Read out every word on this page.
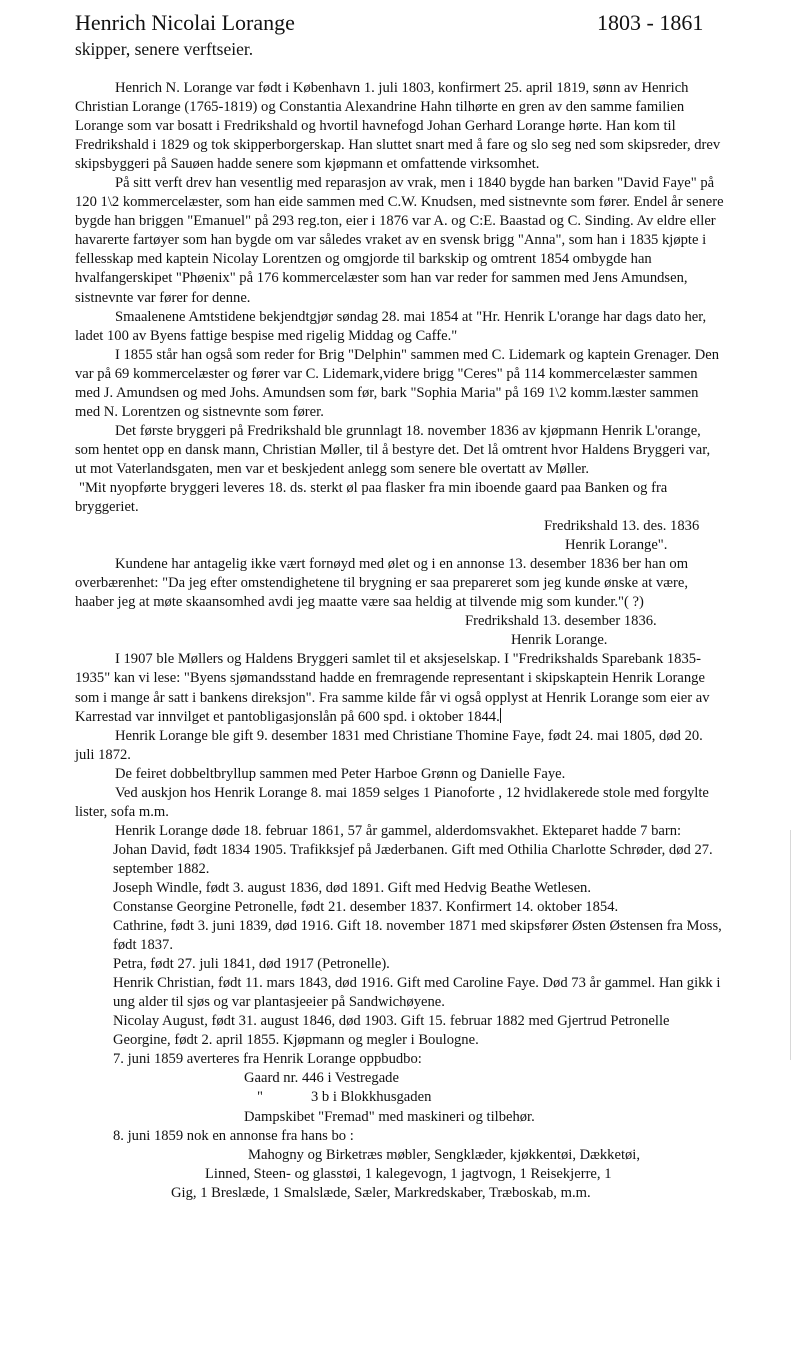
Henrich Nicolai Lorange	1803 - 1861
skipper, senere verftseier.

Henrich N. Lorange var født i København 1. juli 1803, konfirmert 25. april 1819, sønn av Henrich Christian Lorange (1765-1819) og Constantia Alexandrine Hahn tilhørte en gren av den samme familien Lorange som var bosatt i Fredrikshald og hvortil havnefogd Johan Gerhard Lorange hørte. Han kom til Fredrikshald i 1829 og tok skipperborgerskap. Han sluttet snart med å fare og slo seg ned som skipsreder, drev skipsbyggeri på Sauøen hadde senere som kjøpmann et omfattende virksomhet.

På sitt verft drev han vesentlig med reparasjon av vrak, men i 1840 bygde han barken "David Faye" på 120 1\2 kommercelæster, som han eide sammen med C.W. Knudsen, med sistnevnte som fører. Endel år senere bygde han briggen "Emanuel" på 293 reg.ton, eier i 1876 var A. og C:E. Baastad og C. Sinding. Av eldre eller havarerte fartøyer som han bygde om var således vraket av en svensk brigg "Anna", som han i 1835 kjøpte i fellesskap med kaptein Nicolay Lorentzen og omgjorde til barkskip og omtrent 1854 ombygde han hvalfangerskipet "Phøenix" på 176 kommercelæster som han var reder for sammen med Jens Amundsen, sistnevnte var fører for denne.

Smaalenene Amtstidene bekjendtgjør søndag 28. mai 1854 at "Hr. Henrik L'orange har dags dato her, ladet 100 av Byens fattige bespise med rigelig Middag og Caffe."

I 1855 står han også som reder for Brig "Delphin" sammen med C. Lidemark og kaptein Grenager. Den var på 69 kommercelæster og fører var C. Lidemark,videre brigg "Ceres" på 114 kommercelæster sammen med J. Amundsen og med Johs. Amundsen som før, bark "Sophia Maria" på 169 1\2 komm.læster sammen med N. Lorentzen og sistnevnte som fører.

Det første bryggeri på Fredrikshald ble grunnlagt 18. november 1836 av kjøpmann Henrik L'orange, som hentet opp en dansk mann, Christian Møller, til å bestyre det. Det lå omtrent hvor Haldens Bryggeri var, ut mot Vaterlandsgaten, men var et beskjedent anlegg som senere ble overtatt av Møller.

"Mit nyopførte bryggeri leveres 18. ds. sterkt øl paa flasker fra min iboende gaard paa Banken og fra bryggeriet.

Fredrikshald 13. des. 1836

Henrik Lorange".

Kundene har antagelig ikke vært fornøyd med ølet og i en annonse 13. desember 1836 ber han om overbærenhet: "Da jeg efter omstendighetene til brygning er saa prepareret som jeg kunde ønske at være, haaber jeg at møte skaansomhed avdi jeg maatte være saa heldig at tilvende mig som kunder."( ?)

Fredrikshald 13. desember 1836.

Henrik Lorange.

I 1907 ble Møllers og Haldens Bryggeri samlet til et aksjeselskap. I "Fredrikshalds Sparebank 1835-1935" kan vi lese: "Byens sjømandsstand hadde en fremragende representant i skipskaptein Henrik Lorange som i mange år satt i bankens direksjon". Fra samme kilde får vi også opplyst at Henrik Lorange som eier av Karrestad var innvilget et pantobligasjonslån på 600 spd. i oktober 1844.

Henrik Lorange ble gift 9. desember 1831 med Christiane Thomine Faye, født 24. mai 1805, død 20. juli 1872.

De feiret dobbeltbryllup sammen med Peter Harboe Grønn og Danielle Faye.

Ved auskjon hos Henrik Lorange 8. mai 1859 selges 1 Pianoforte , 12 hvidlakerede stole med forgylte lister, sofa m.m.

Henrik Lorange døde 18. februar 1861, 57 år gammel, alderdomsvakhet. Ekteparet hadde 7 barn:

Johan David, født 1834 1905. Trafikksjef på Jæderbanen. Gift med Othilia Charlotte Schrøder, død 27. september 1882.

Joseph Windle, født 3. august 1836, død 1891. Gift med Hedvig Beathe Wetlesen.

Constanse Georgine Petronelle, født 21. desember 1837. Konfirmert 14. oktober 1854.

Cathrine, født 3. juni 1839, død 1916. Gift 18. november 1871 med skipsfører Østen Østensen fra Moss, født 1837.

Petra, født 27. juli 1841, død 1917 (Petronelle).

Henrik Christian, født 11. mars 1843, død 1916. Gift med Caroline Faye. Død 73 år gammel. Han gikk i ung alder til sjøs og var plantasjeeier på Sandwichøyene.

Nicolay August, født 31. august 1846, død 1903. Gift 15. februar 1882 med Gjertrud Petronelle Georgine, født 2. april 1855. Kjøpmann og megler i Boulogne.

7. juni 1859 averteres fra Henrik Lorange oppbudbo:

Gaard nr. 446 i Vestregade

"	3 b i Blokkhusgaden

Dampskibet "Fremad" med maskineri og tilbehør.

8. juni 1859 nok en annonse fra hans bo :

Mahogny og Birketræs møbler, Sengklæder, kjøkkentøi, Dækketøi,

Linned, Steen- og glasstøi, 1 kalegevogn, 1 jagtvogn, 1 Reisekjerre, 1

Gig, 1 Breslæde, 1 Smalslæde, Sæler, Markredskaber, Træboskab, m.m.
